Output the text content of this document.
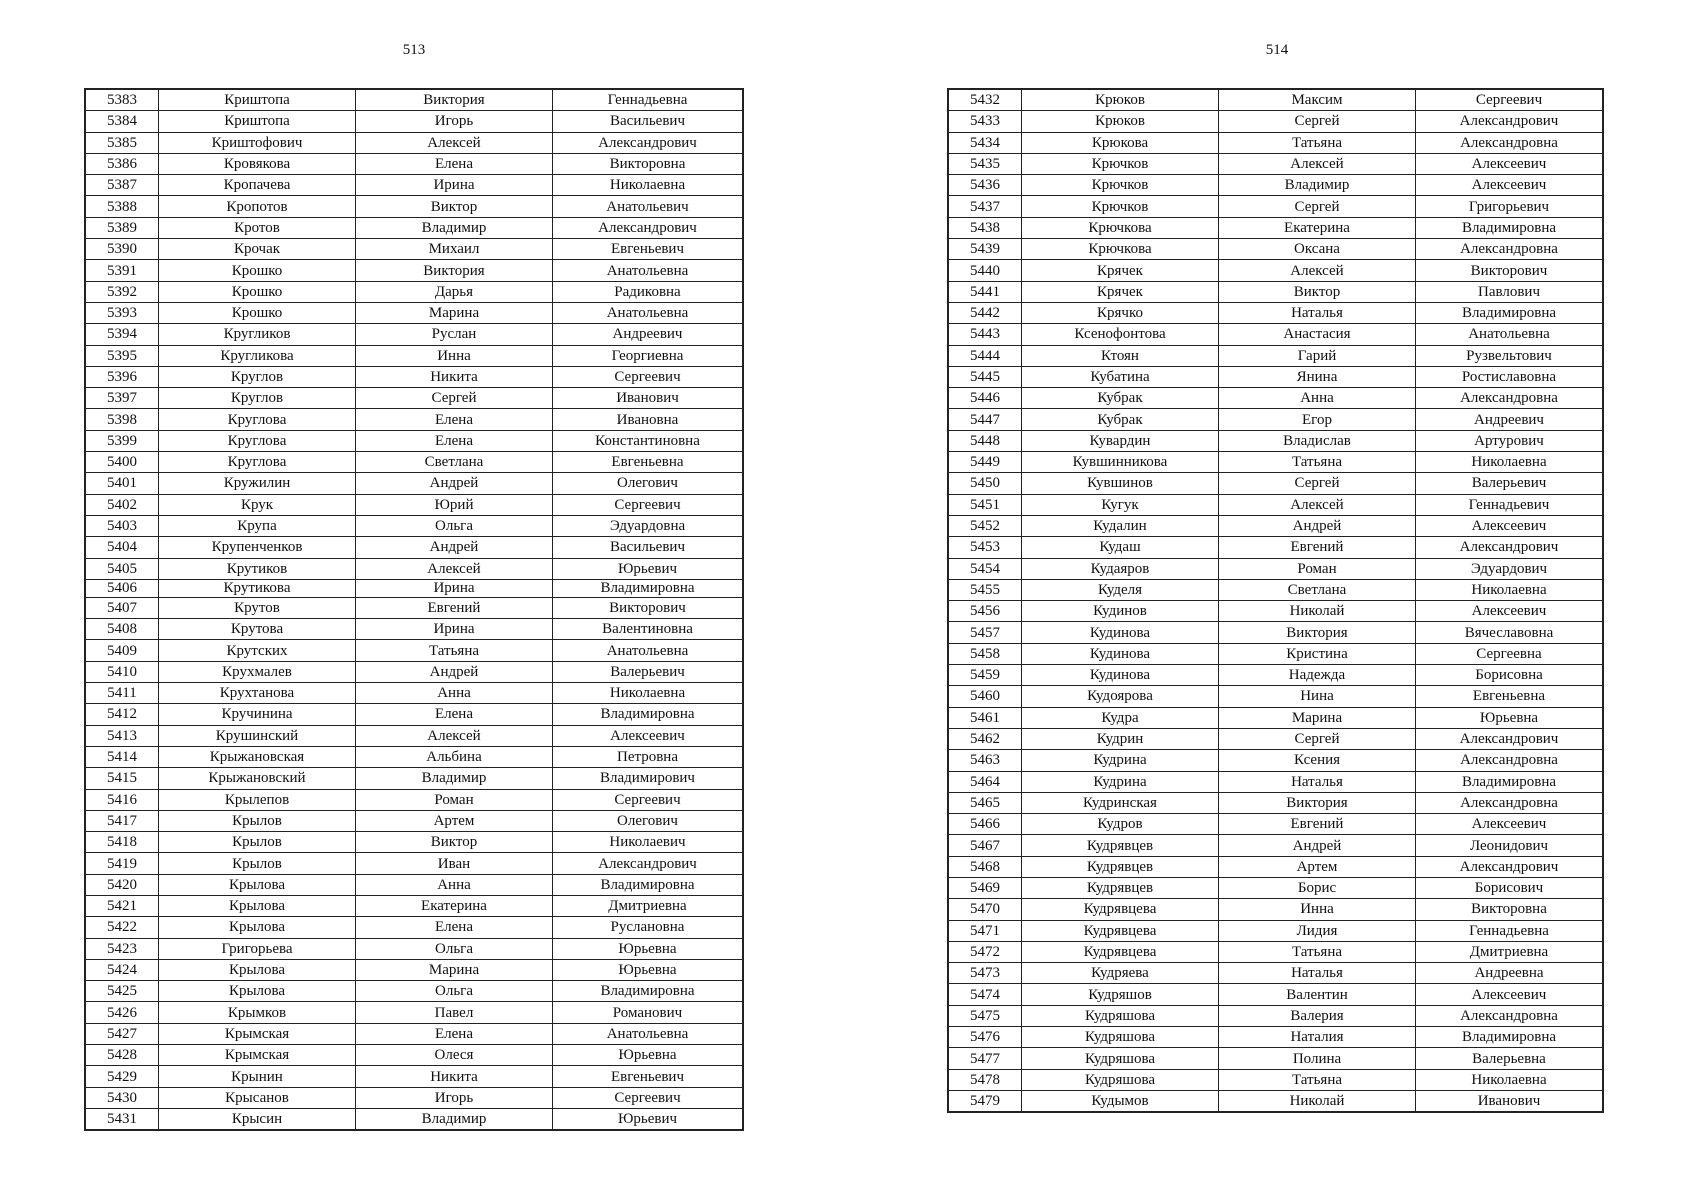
513
5383	Криштопа	Виктория	Геннадьевна
5384	Криштопа	Игорь	Васильевич
5385	Криштофович	Алексей	Александрович
5386	Кровякова	Елена	Викторовна
5387	Кропачева	Ирина	Николаевна
5388	Кропотов	Виктор	Анатольевич
5389	Кротов	Владимир	Александрович
5390	Крочак	Михаил	Евгеньевич
5391	Крошко	Виктория	Анатольевна
5392	Крошко	Дарья	Радиковна
5393	Крошко	Марина	Анатольевна
5394	Кругликов	Руслан	Андреевич
5395	Кругликова	Инна	Георгиевна
5396	Круглов	Никита	Сергеевич
5397	Круглов	Сергей	Иванович
5398	Круглова	Елена	Ивановна
5399	Круглова	Елена	Константиновна
5400	Круглова	Светлана	Евгеньевна
5401	Кружилин	Андрей	Олегович
5402	Крук	Юрий	Сергеевич
5403	Крупа	Ольга	Эдуардовна
5404	Крупенченков	Андрей	Васильевич
5405	Крутиков	Алексей	Юрьевич
5406	Крутикова	Ирина	Владимировна
5407	Крутов	Евгений	Викторович
5408	Крутова	Ирина	Валентиновна
5409	Крутских	Татьяна	Анатольевна
5410	Крухмалев	Андрей	Валерьевич
5411	Крухтанова	Анна	Николаевна
5412	Кручинина	Елена	Владимировна
5413	Крушинский	Алексей	Алексеевич
5414	Крыжановская	Альбина	Петровна
5415	Крыжановский	Владимир	Владимирович
5416	Крылепов	Роман	Сергеевич
5417	Крылов	Артем	Олегович
5418	Крылов	Виктор	Николаевич
5419	Крылов	Иван	Александрович
5420	Крылова	Анна	Владимировна
5421	Крылова	Екатерина	Дмитриевна
5422	Крылова	Елена	Руслановна
5423	Григорьева	Ольга	Юрьевна
5424	Крылова	Марина	Юрьевна
5425	Крылова	Ольга	Владимировна
5426	Крымков	Павел	Романович
5427	Крымская	Елена	Анатольевна
5428	Крымская	Олеся	Юрьевна
5429	Крынин	Никита	Евгеньевич
5430	Крысанов	Игорь	Сергеевич
5431	Крысин	Владимир	Юрьевич
514
5432	Крюков	Максим	Сергеевич
5433	Крюков	Сергей	Александрович
5434	Крюкова	Татьяна	Александровна
5435	Крючков	Алексей	Алексеевич
5436	Крючков	Владимир	Алексеевич
5437	Крючков	Сергей	Григорьевич
5438	Крючкова	Екатерина	Владимировна
5439	Крючкова	Оксана	Александровна
5440	Крячек	Алексей	Викторович
5441	Крячек	Виктор	Павлович
5442	Крячко	Наталья	Владимировна
5443	Ксенофонтова	Анастасия	Анатольевна
5444	Ктоян	Гарий	Рузвельтович
5445	Кубатина	Янина	Ростиславовна
5446	Кубрак	Анна	Александровна
5447	Кубрак	Егор	Андреевич
5448	Кувардин	Владислав	Артурович
5449	Кувшинникова	Татьяна	Николаевна
5450	Кувшинов	Сергей	Валерьевич
5451	Кугук	Алексей	Геннадьевич
5452	Кудалин	Андрей	Алексеевич
5453	Кудаш	Евгений	Александрович
5454	Кудаяров	Роман	Эдуардович
5455	Куделя	Светлана	Николаевна
5456	Кудинов	Николай	Алексеевич
5457	Кудинова	Виктория	Вячеславовна
5458	Кудинова	Кристина	Сергеевна
5459	Кудинова	Надежда	Борисовна
5460	Кудоярова	Нина	Евгеньевна
5461	Кудра	Марина	Юрьевна
5462	Кудрин	Сергей	Александрович
5463	Кудрина	Ксения	Александровна
5464	Кудрина	Наталья	Владимировна
5465	Кудринская	Виктория	Александровна
5466	Кудров	Евгений	Алексеевич
5467	Кудрявцев	Андрей	Леонидович
5468	Кудрявцев	Артем	Александрович
5469	Кудрявцев	Борис	Борисович
5470	Кудрявцева	Инна	Викторовна
5471	Кудрявцева	Лидия	Геннадьевна
5472	Кудрявцева	Татьяна	Дмитриевна
5473	Кудряева	Наталья	Андреевна
5474	Кудряшов	Валентин	Алексеевич
5475	Кудряшова	Валерия	Александровна
5476	Кудряшова	Наталия	Владимировна
5477	Кудряшова	Полина	Валерьевна
5478	Кудряшова	Татьяна	Николаевна
5479	Кудымов	Николай	Иванович
